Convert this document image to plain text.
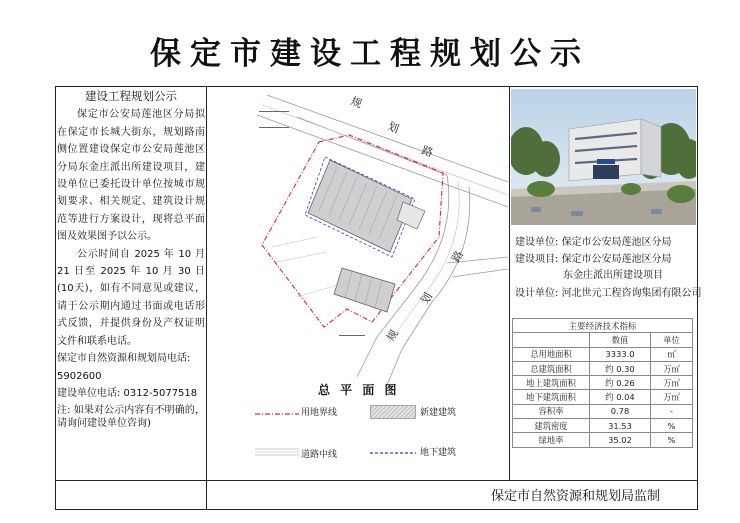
保定市建设工程规划公示
建设工程规划公示

保定市公安局莲池区分局拟在保定市长城大街东，规划路南侧位置建设保定市公安局莲池区分局东金庄派出所建设项目，建设单位已委托设计单位按城市规划要求、相关规定、建筑设计规范等进行方案设计，现将总平面图及效果图予以公示。

公示时间自 2025 年 10 月 21 日至 2025 年 10 月 30 日 (10天)，如有不同意见或建议，请于公示期内通过书面或电话形式反馈，并提供身份及产权证明文件和联系电话。

保定市自然资源和规划局电话:

5902600

建设单位电话: 0312-5077518

注: 如果对公示内容有不明确的，请询问建设单位咨询)

规
划
路
路
划
规
总 平 面 图
用地界线	新建建筑
道路中线	地下建筑
建设单位: 保定市公安局莲池区分局
建设项目: 保定市公安局莲池区分局
东金庄派出所建设项目
设计单位: 河北世元工程咨询集团有限公司
主要经济技术指标		
	数值	单位
总用地面积	3333.0	㎡
总建筑面积	约 0.30	万㎡
地上建筑面积	约 0.26	万㎡
地下建筑面积	约 0.04	万㎡
容积率	0.78	-
建筑密度	31.53	%
绿地率	35.02	%
保定市自然资源和规划局监制
